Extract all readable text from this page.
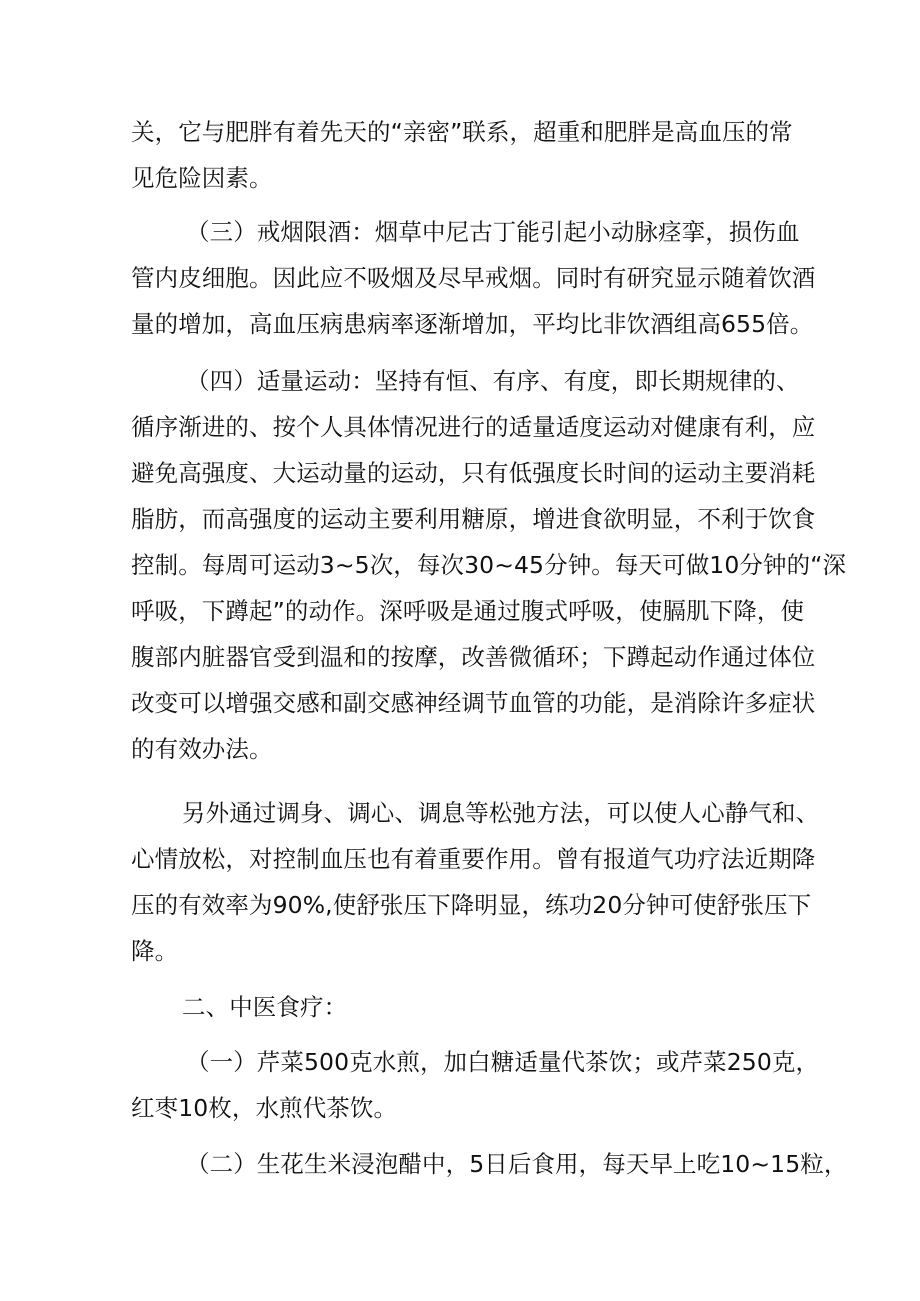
关，它与肥胖有着先天的“亲密”联系，超重和肥胖是高血压的常

见危险因素。

（三）戒烟限酒：烟草中尼古丁能引起小动脉痉挛，损伤血

管内皮细胞。因此应不吸烟及尽早戒烟。同时有研究显示随着饮酒

量的增加，高血压病患病率逐渐增加，平均比非饮酒组高655倍。

（四）适量运动：坚持有恒、有序、有度，即长期规律的、

循序渐进的、按个人具体情况进行的适量适度运动对健康有利，应

避免高强度、大运动量的运动，只有低强度长时间的运动主要消耗

脂肪，而高强度的运动主要利用糖原，增进食欲明显，不利于饮食

控制。每周可运动3~5次，每次30~45分钟。每天可做10分钟的“深

呼吸，下蹲起”的动作。深呼吸是通过腹式呼吸，使膈肌下降，使

腹部内脏器官受到温和的按摩，改善微循环；下蹲起动作通过体位

改变可以增强交感和副交感神经调节血管的功能，是消除许多症状

的有效办法。

另外通过调身、调心、调息等松弛方法，可以使人心静气和、

心情放松，对控制血压也有着重要作用。曾有报道气功疗法近期降

压的有效率为90%,使舒张压下降明显，练功20分钟可使舒张压下

降。

二、中医食疗：

（一）芹菜500克水煎，加白糖适量代茶饮；或芹菜250克，

红枣10枚，水煎代茶饮。

（二）生花生米浸泡醋中，5日后食用，每天早上吃10~15粒，
